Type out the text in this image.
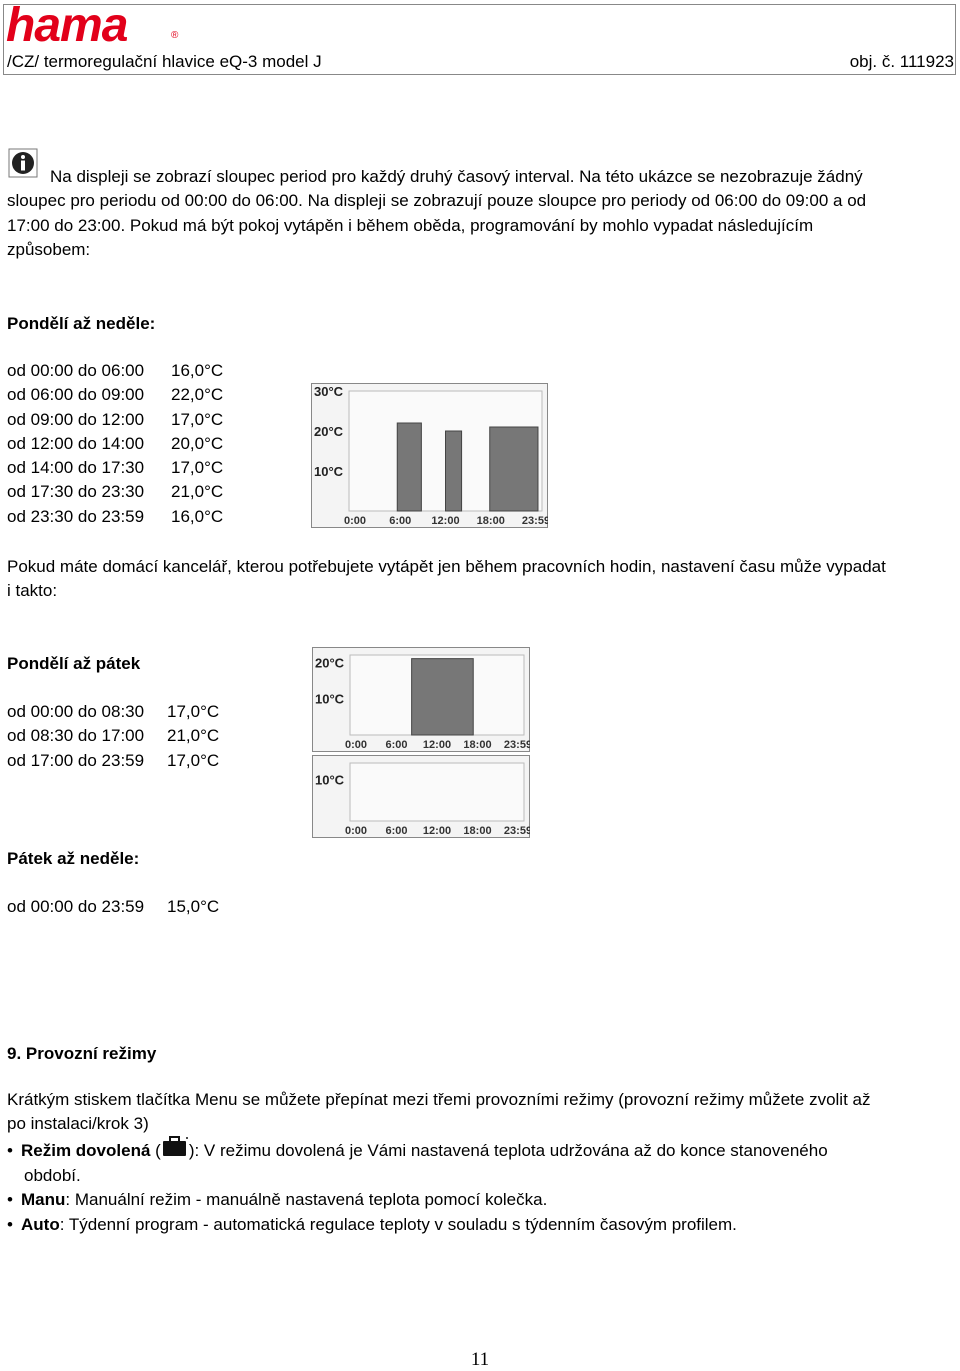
hama	®
/CZ/ termoregulační hlavice eQ-3 model J	obj. č. 111923
Na displeji se zobrazí sloupec period pro každý druhý časový interval. Na této ukázce se nezobrazuje žádný
sloupec pro periodu od 00:00 do 06:00. Na displeji se zobrazují pouze sloupce pro periody od 06:00 do 09:00 a od
17:00 do 23:00. Pokud má být pokoj vytápěn i během oběda, programování by mohlo vypadat následujícím
způsobem:
Pondělí až neděle:
od 00:00 do 06:00 16,0°C
od 06:00 do 09:00 22,0°C
od 09:00 do 12:00 17,0°C
od 12:00 do 14:00 20,0°C
od 14:00 do 17:30 17,0°C
od 17:30 do 23:30 21,0°C
od 23:30 do 23:59 16,0°C
10°C
20°C
30°C
0:00 6:00 12:00 18:00 23:59
Pokud máte domácí kancelář, kterou potřebujete vytápět jen během pracovních hodin, nastavení času může vypadat
i takto:
Pondělí až pátek
od 00:00 do 08:30 17,0°C
od 08:30 do 17:00 21,0°C
od 17:00 do 23:59 17,0°C
10°C
20°C
0:00 6:00 12:00 18:00 23:59
10°C
0:00 6:00 12:00 18:00 23:59
Pátek až neděle:
od 00:00 do 23:59 15,0°C
9. Provozní režimy
Krátkým stiskem tlačítka Menu se můžete přepínat mezi třemi provozními režimy (provozní režimy můžete zvolit až
po instalaci/krok 3)
• Režim dovolená ( ): V režimu dovolená je Vámi nastavená teplota udržována až do konce stanoveného
období.
• Manu: Manuální režim - manuálně nastavená teplota pomocí kolečka.
• Auto: Týdenní program - automatická regulace teploty v souladu s týdenním časovým profilem.
11
